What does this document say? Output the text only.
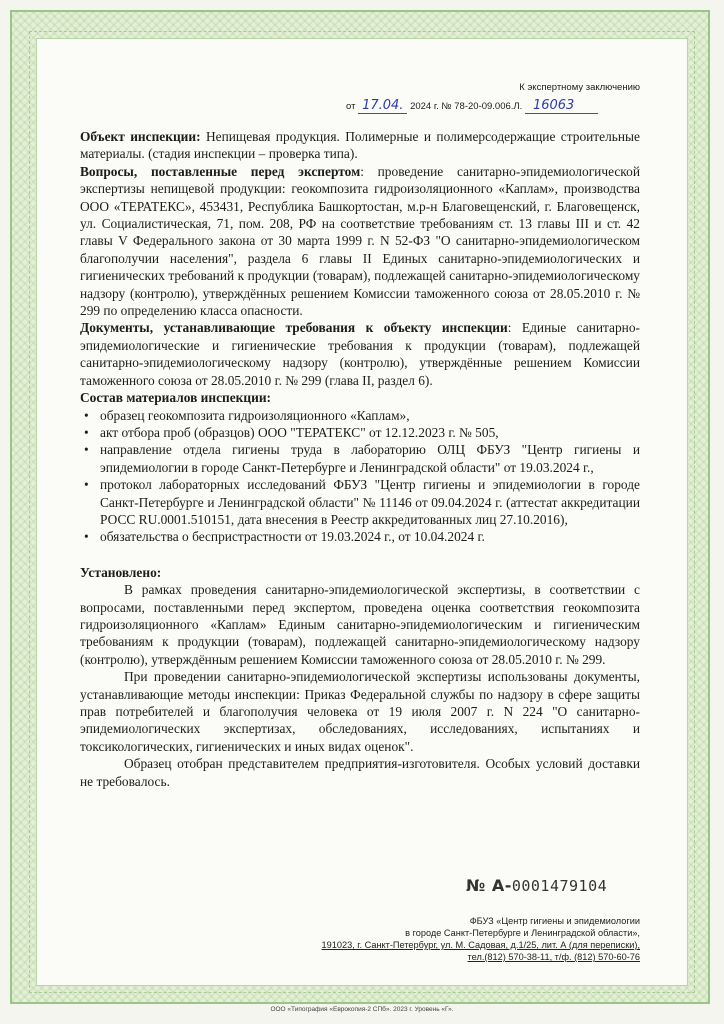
К экспертному заключению
от 17.04. 2024 г. № 78-20-09.006.Л. 16063

Объект инспекции: Непищевая продукция. Полимерные и полимерсодержащие строительные материалы. (стадия инспекции – проверка типа).

Вопросы, поставленные перед экспертом: проведение санитарно-эпидемиологической экспертизы непищевой продукции: геокомпозита гидроизоляционного «Каплам», производства ООО «ТЕРАТЕКС», 453431, Республика Башкортостан, м.р-н Благовещенский, г. Благовещенск, ул. Социалистическая, 71, пом. 208, РФ на соответствие требованиям ст. 13 главы III и ст. 42 главы V Федерального закона от 30 марта 1999 г. N 52-ФЗ "О санитарно-эпидемиологическом благополучии населения", раздела 6 главы II Единых санитарно-эпидемиологических и гигиенических требований к продукции (товарам), подлежащей санитарно-эпидемиологическому надзору (контролю), утверждённых решением Комиссии таможенного союза от 28.05.2010 г. № 299 по определению класса опасности.

Документы, устанавливающие требования к объекту инспекции: Единые санитарно-эпидемиологические и гигиенические требования к продукции (товарам), подлежащей санитарно-эпидемиологическому надзору (контролю), утверждённые решением Комиссии таможенного союза от 28.05.2010 г. № 299 (глава II, раздел 6).

Состав материалов инспекции:

• образец геокомпозита гидроизоляционного «Каплам»,
• акт отбора проб (образцов) ООО "ТЕРАТЕКС" от 12.12.2023 г. № 505,
• направление отдела гигиены труда в лабораторию ОЛЦ ФБУЗ "Центр гигиены и эпидемиологии в городе Санкт-Петербурге и Ленинградской области" от 19.03.2024 г.,
• протокол лабораторных исследований ФБУЗ "Центр гигиены и эпидемиологии в городе Санкт-Петербурге и Ленинградской области" № 11146 от 09.04.2024 г. (аттестат аккредитации РОСС RU.0001.510151, дата внесения в Реестр аккредитованных лиц 27.10.2016),
• обязательства о беспристрастности от 19.03.2024 г., от 10.04.2024 г.

Установлено:

В рамках проведения санитарно-эпидемиологической экспертизы, в соответствии с вопросами, поставленными перед экспертом, проведена оценка соответствия геокомпозита гидроизоляционного «Каплам» Единым санитарно-эпидемиологическим и гигиеническим требованиям к продукции (товарам), подлежащей санитарно-эпидемиологическому надзору (контролю), утверждённым решением Комиссии таможенного союза от 28.05.2010 г. № 299.

При проведении санитарно-эпидемиологической экспертизы использованы документы, устанавливающие методы инспекции: Приказ Федеральной службы по надзору в сфере защиты прав потребителей и благополучия человека от 19 июля 2007 г. N 224 "О санитарно-эпидемиологических экспертизах, обследованиях, исследованиях, испытаниях и токсикологических, гигиенических и иных видах оценок".

Образец отобран представителем предприятия-изготовителя. Особых условий доставки не требовалось.

№ А-0001479104
ФБУЗ «Центр гигиены и эпидемиологии
в городе Санкт-Петербурге и Ленинградской области»,
191023, г. Санкт-Петербург, ул. М. Садовая, д.1/25, лит. А (для переписки),
тел.(812) 570-38-11, т/ф. (812) 570-60-76
ООО «Типография «Еврокопия-2 СПб». 2023 г. Уровень «Г».
